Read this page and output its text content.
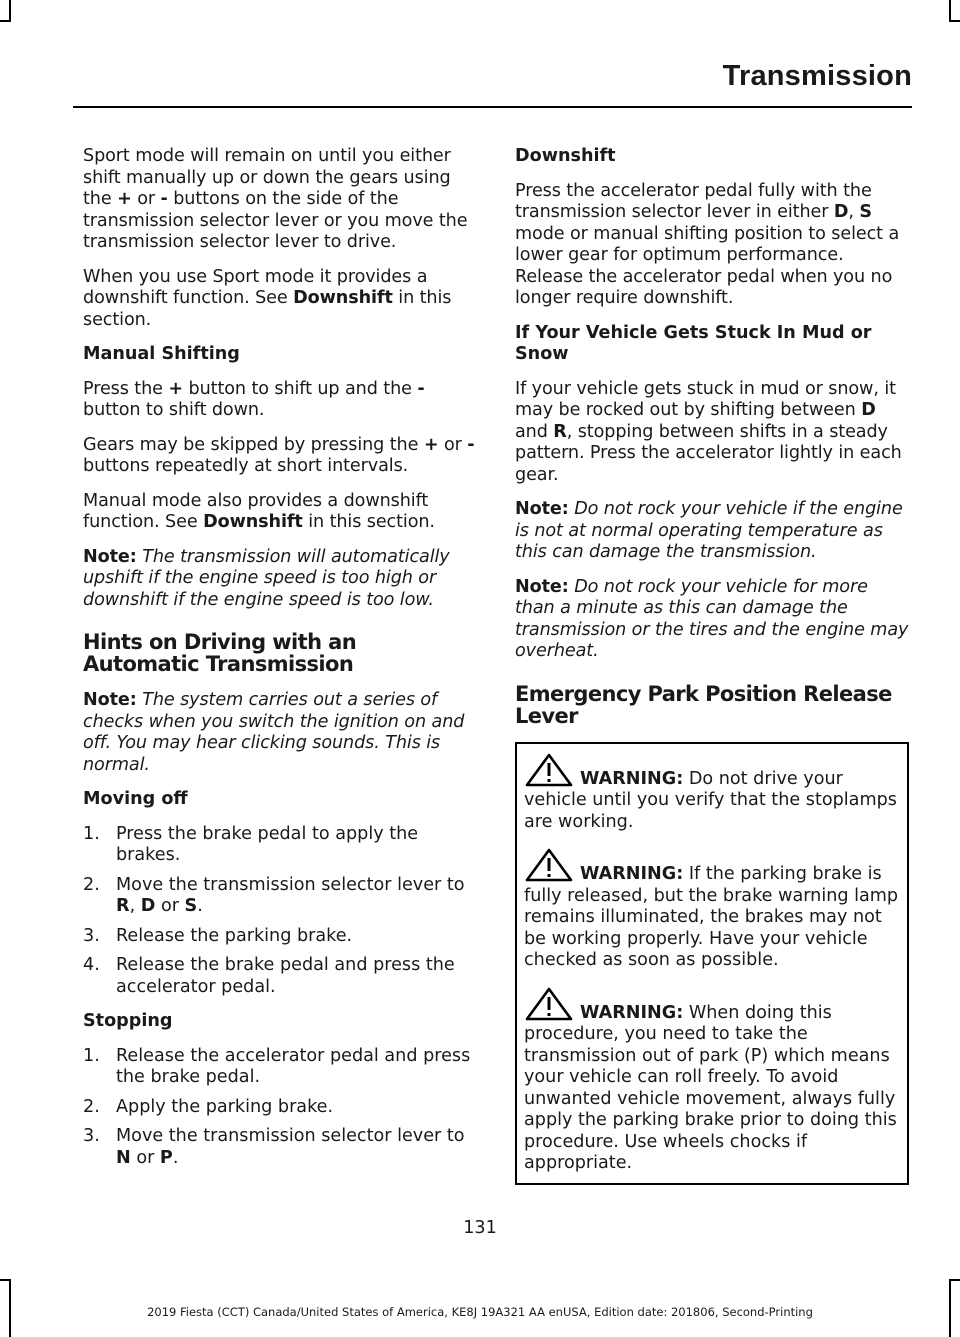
Transmission

Sport mode will remain on until you either shift manually up or down the gears using the + or - buttons on the side of the transmission selector lever or you move the transmission selector lever to drive.

When you use Sport mode it provides a downshift function. See Downshift in this section.

Manual Shifting

Press the + button to shift up and the - button to shift down.

Gears may be skipped by pressing the + or - buttons repeatedly at short intervals.

Manual mode also provides a downshift function. See Downshift in this section.

Note: The transmission will automatically upshift if the engine speed is too high or downshift if the engine speed is too low.

Hints on Driving with an Automatic Transmission

Note: The system carries out a series of checks when you switch the ignition on and off. You may hear clicking sounds. This is normal.

Moving off
1. Press the brake pedal to apply the brakes.
2. Move the transmission selector lever to R, D or S.
3. Release the parking brake.
4. Release the brake pedal and press the accelerator pedal.
Stopping
1. Release the accelerator pedal and press the brake pedal.
2. Apply the parking brake.
3. Move the transmission selector lever to N or P.
Downshift

Press the accelerator pedal fully with the transmission selector lever in either D, S mode or manual shifting position to select a lower gear for optimum performance. Release the accelerator pedal when you no longer require downshift.

If Your Vehicle Gets Stuck In Mud or Snow

If your vehicle gets stuck in mud or snow, it may be rocked out by shifting between D and R, stopping between shifts in a steady pattern. Press the accelerator lightly in each gear.

Note: Do not rock your vehicle if the engine is not at normal operating temperature as this can damage the transmission.

Note: Do not rock your vehicle for more than a minute as this can damage the transmission or the tires and the engine may overheat.

Emergency Park Position Release Lever
WARNING: Do not drive your vehicle until you verify that the stoplamps are working.
WARNING: If the parking brake is fully released, but the brake warning lamp remains illuminated, the brakes may not be working properly. Have your vehicle checked as soon as possible.
WARNING: When doing this procedure, you need to take the transmission out of park (P) which means your vehicle can roll freely. To avoid unwanted vehicle movement, always fully apply the parking brake prior to doing this procedure. Use wheels chocks if appropriate.
131
2019 Fiesta (CCT) Canada/United States of America, KE8J 19A321 AA enUSA, Edition date: 201806, Second-Printing
